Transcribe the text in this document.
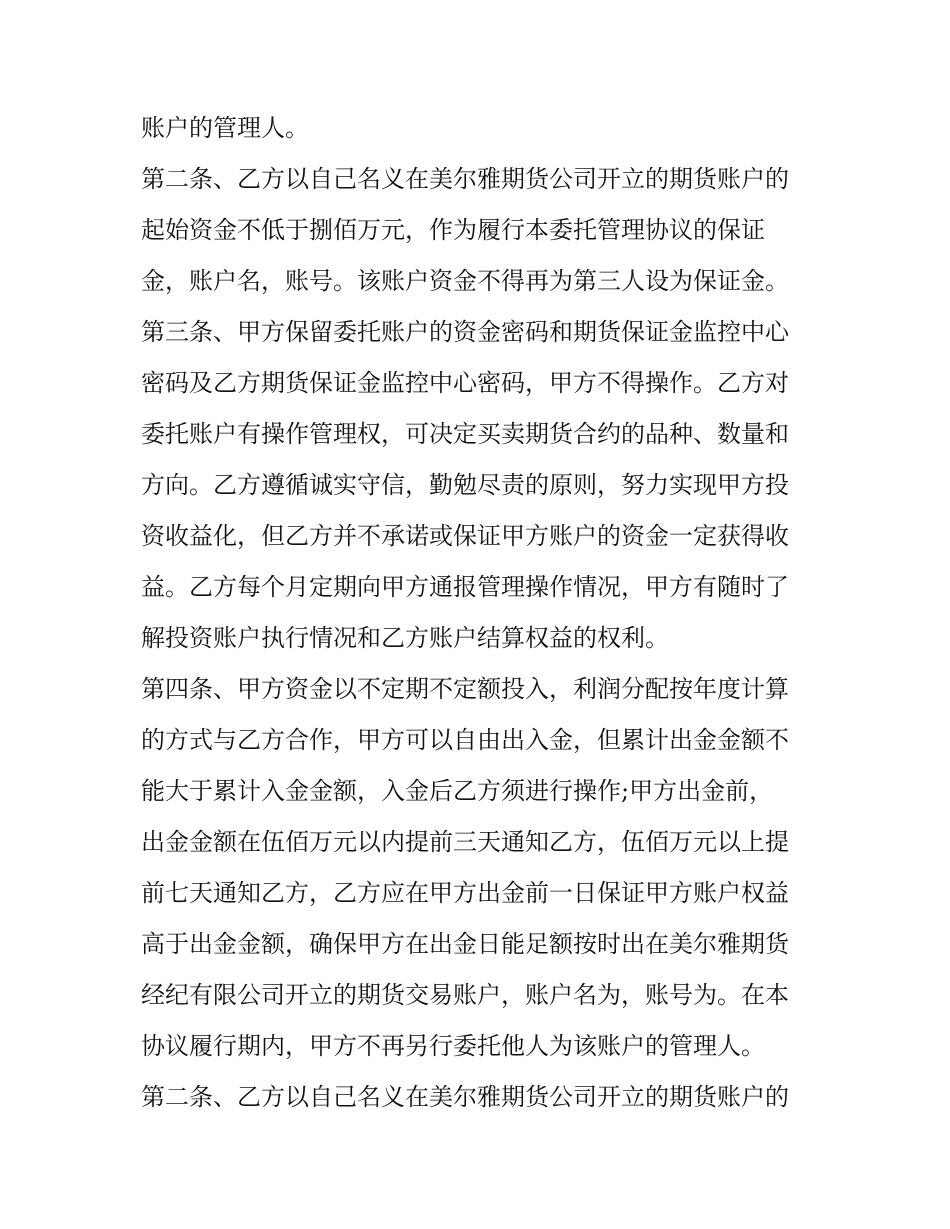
账户的管理人。
第二条、乙方以自己名义在美尔雅期货公司开立的期货账户的
起始资金不低于捌佰万元，作为履行本委托管理协议的保证
金，账户名，账号。该账户资金不得再为第三人设为保证金。
第三条、甲方保留委托账户的资金密码和期货保证金监控中心
密码及乙方期货保证金监控中心密码，甲方不得操作。乙方对
委托账户有操作管理权，可决定买卖期货合约的品种、数量和
方向。乙方遵循诚实守信，勤勉尽责的原则，努力实现甲方投
资收益化，但乙方并不承诺或保证甲方账户的资金一定获得收
益。乙方每个月定期向甲方通报管理操作情况，甲方有随时了
解投资账户执行情况和乙方账户结算权益的权利。
第四条、甲方资金以不定期不定额投入，利润分配按年度计算
的方式与乙方合作，甲方可以自由出入金，但累计出金金额不
能大于累计入金金额，入金后乙方须进行操作;甲方出金前，
出金金额在伍佰万元以内提前三天通知乙方，伍佰万元以上提
前七天通知乙方，乙方应在甲方出金前一日保证甲方账户权益
高于出金金额，确保甲方在出金日能足额按时出在美尔雅期货
经纪有限公司开立的期货交易账户，账户名为，账号为。在本
协议履行期内，甲方不再另行委托他人为该账户的管理人。
第二条、乙方以自己名义在美尔雅期货公司开立的期货账户的
